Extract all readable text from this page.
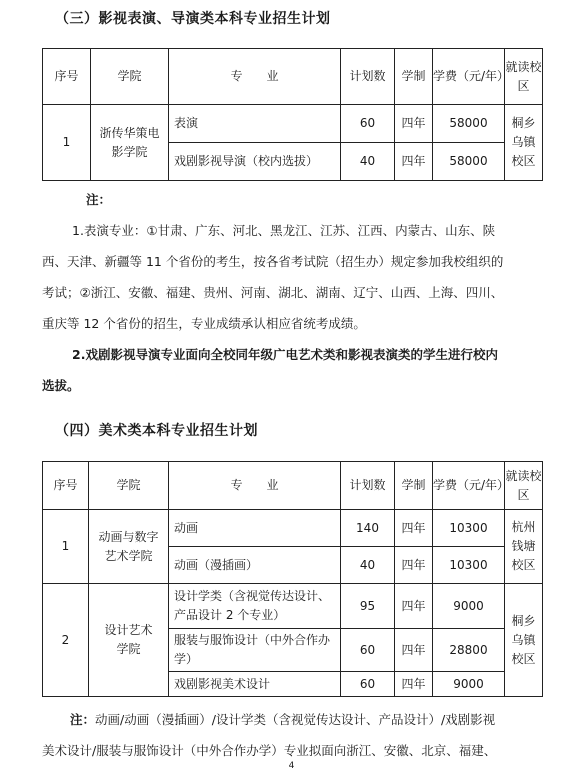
（三）影视表演、导演类本科专业招生计划
序号	学院	专　　业	计划数	学制	学费（元/年）	就读校区
1	浙传华策电影学院	表演	60	四年	58000	桐乡乌镇校区
		戏剧影视导演（校内选拔）	40	四年	58000	
注：
1.表演专业：①甘肃、广东、河北、黑龙江、江苏、江西、内蒙古、山东、陕
西、天津、新疆等 11 个省份的考生，按各省考试院（招生办）规定参加我校组织的
考试；②浙江、安徽、福建、贵州、河南、湖北、湖南、辽宁、山西、上海、四川、
重庆等 12 个省份的招生，专业成绩承认相应省统考成绩。
2.戏剧影视导演专业面向全校同年级广电艺术类和影视表演类的学生进行校内
选拔。
（四）美术类本科专业招生计划
序号	学院	专　　业	计划数	学制	学费（元/年）	就读校区
1	动画与数字艺术学院	动画	140	四年	10300	杭州钱塘校区
		动画（漫插画）	40	四年	10300	
2	设计艺术学院	设计学类（含视觉传达设计、产品设计 2 个专业）	95	四年	9000	桐乡乌镇校区
		服装与服饰设计（中外合作办学）	60	四年	28800	
		戏剧影视美术设计	60	四年	9000	
注：动画/动画（漫插画）/设计学类（含视觉传达设计、产品设计）/戏剧影视
美术设计/服装与服饰设计（中外合作办学）专业拟面向浙江、安徽、北京、福建、
4
